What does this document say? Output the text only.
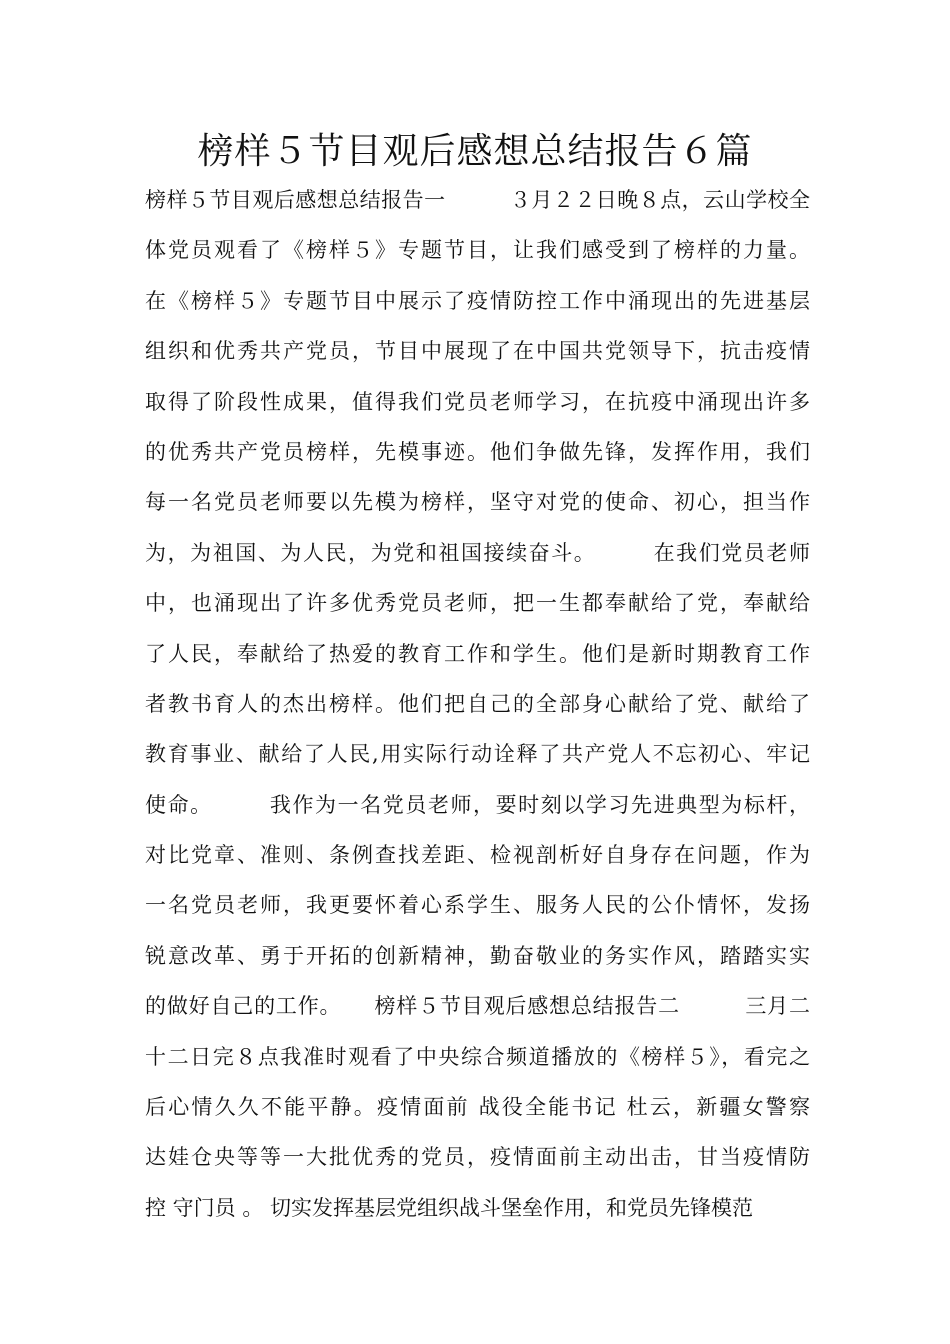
榜样５节目观后感想总结报告６篇
榜样５节目观后感想总结报告一　　　３月２２日晚８点，云山学校全
体党员观看了《榜样５》专题节目，让我们感受到了榜样的力量。
在《榜样５》专题节目中展示了疫情防控工作中涌现出的先进基层
组织和优秀共产党员，节目中展现了在中国共党领导下，抗击疫情
取得了阶段性成果，值得我们党员老师学习，在抗疫中涌现出许多
的优秀共产党员榜样，先模事迹。他们争做先锋，发挥作用，我们
每一名党员老师要以先模为榜样，坚守对党的使命、初心，担当作
为，为祖国、为人民，为党和祖国接续奋斗。　　　在我们党员老师
中，也涌现出了许多优秀党员老师，把一生都奉献给了党，奉献给
了人民，奉献给了热爱的教育工作和学生。他们是新时期教育工作
者教书育人的杰出榜样。他们把自己的全部身心献给了党、献给了
教育事业、献给了人民,用实际行动诠释了共产党人不忘初心、牢记
使命。　　　我作为一名党员老师，要时刻以学习先进典型为标杆，
对比党章、准则、条例查找差距、检视剖析好自身存在问题，作为
一名党员老师，我更要怀着心系学生、服务人民的公仆情怀，发扬
锐意改革、勇于开拓的创新精神，勤奋敬业的务实作风，踏踏实实
的做好自己的工作。　　榜样５节目观后感想总结报告二　　　三月二
十二日完８点我准时观看了中央综合频道播放的《榜样５》，看完之
后心情久久不能平静。疫情面前 战役全能书记 杜云，新疆女警察
达娃仓央等等一大批优秀的党员，疫情面前主动出击，甘当疫情防
控 守门员 。 切实发挥基层党组织战斗堡垒作用，和党员先锋模范
